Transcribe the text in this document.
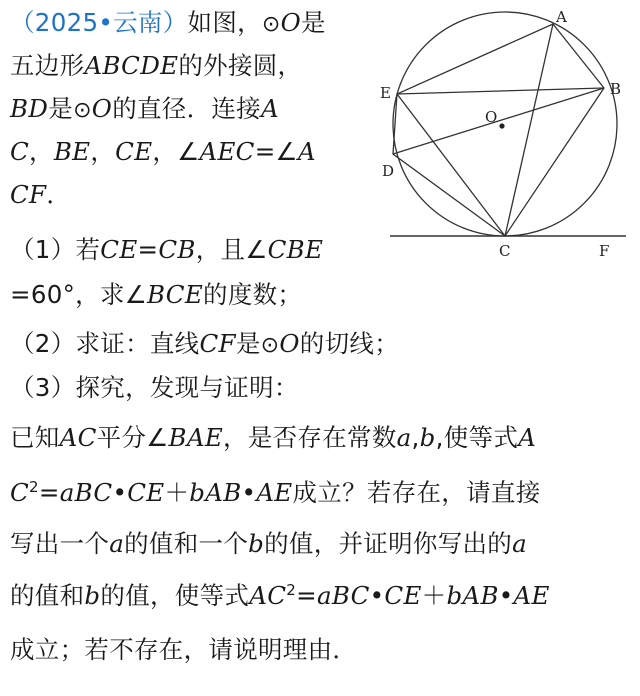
（2025•云南）如图，⊙O是
五边形ABCDE的外接圆，
BD是⊙O的直径．连接A
C，BE，CE，∠AEC=∠A
CF．
（1）若CE=CB，且∠CBE
=60°，求∠BCE的度数；
（2）求证：直线CF是⊙O的切线；
（3）探究，发现与证明：
已知AC平分∠BAE，是否存在常数a,b,使等式A
$C^2=aBC•CE+bAB•AE$成立？若存在，请直接
写出一个a的值和一个b的值，并证明你写出的a
的值和b的值，使等式$AC^2=aBC•CE+bAB•AE$
成立；若不存在，请说明理由．
A
B
E
O
D
C	F
